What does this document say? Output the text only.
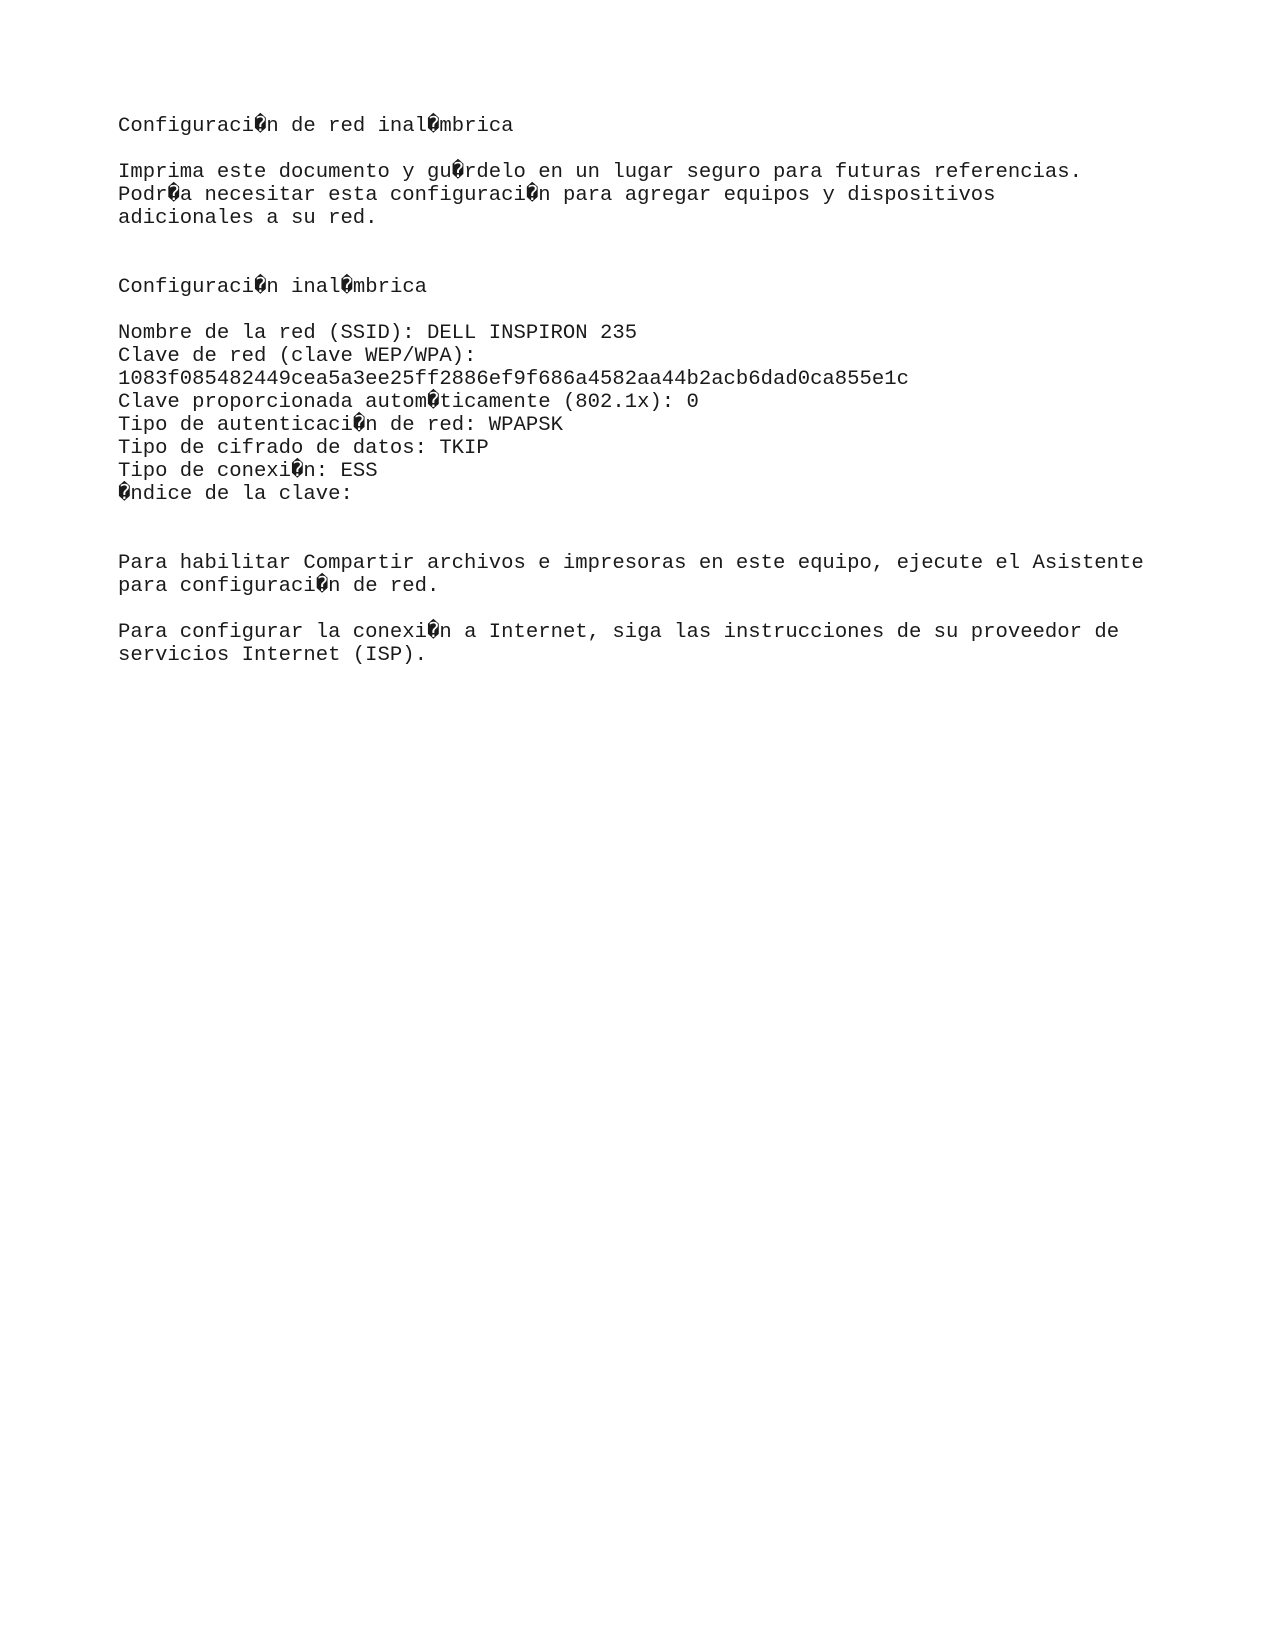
Configuraci�n de red inal�mbrica
Imprima este documento y gu�rdelo en un lugar seguro para futuras referencias.
Podr�a necesitar esta configuraci�n para agregar equipos y dispositivos
adicionales a su red.
Configuraci�n inal�mbrica
Nombre de la red (SSID): DELL INSPIRON 235
Clave de red (clave WEP/WPA):
1083f085482449cea5a3ee25ff2886ef9f686a4582aa44b2acb6dad0ca855e1c
Clave proporcionada autom�ticamente (802.1x): 0
Tipo de autenticaci�n de red: WPAPSK
Tipo de cifrado de datos: TKIP
Tipo de conexi�n: ESS
�ndice de la clave:
Para habilitar Compartir archivos e impresoras en este equipo, ejecute el Asistente
para configuraci�n de red.
Para configurar la conexi�n a Internet, siga las instrucciones de su proveedor de
servicios Internet (ISP).
